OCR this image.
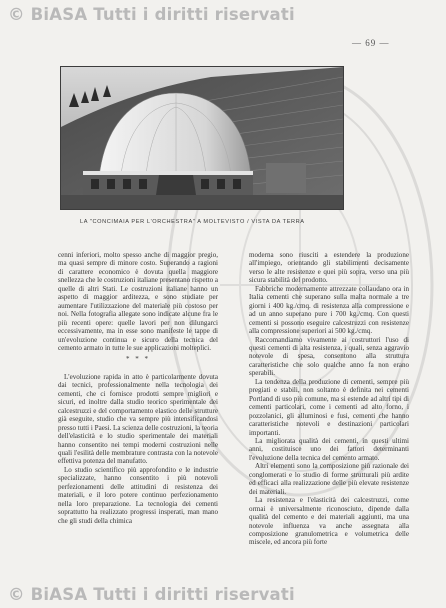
© BiASA Tutti i diritti riservati
— 69 —
LA "CONCIMAIA PER L'ORCHESTRA" A MOLTEVISTO / VISTA DA TERRA

cenni inferiori, molto spesso anche di maggior pregio, ma quasi sempre di minore costo. Superando a ragioni di carattere economico è dovuta quella maggiore snellezza che le costruzioni italiane presentano rispetto a quelle di altri Stati. Le costruzioni italiane hanno un aspetto di maggior arditezza, e sono studiate per aumentare l'utilizzazione del materiale più costoso per noi. Nella fotografia allegate sono indicate alcune fra le più recenti opere: quelle lavori per non dilungarci eccessivamente, ma in esse sono manifeste le tappe di un'evoluzione continua e sicuro della tecnica del cemento armato in tutte le sue applicazioni molteplici.

* * *

L'evoluzione rapida in atto è particolarmente dovuta dai tecnici, professionalmente nella tecnologia dei cementi, che ci fornisce prodotti sempre migliori e sicuri, ed inoltre dalla studio teorico sperimentale dei calcestruzzi e del comportamento elastico delle strutture già eseguite, studio che va sempre più intensificandosi presso tutti i Paesi. La scienza delle costruzioni, la teoria dell'elasticità e lo studio sperimentale dei materiali hanno consentito nei tempi moderni costruzioni nelle quali l'esilità delle membrature contrasta con la notevole effettiva potenza del manufatto.

Lo studio scientifico più approfondito e le industrie specializzate, hanno consentito i più notevoli perfezionamenti delle attitudini di resistenza dei materiali, e il loro potere continuo perfezionamento nella loro preparazione. La tecnologia dei cementi soprattutto ha realizzato progressi insperati, man mano che gli studi della chimica

moderna sono riusciti a estendere la produzione all'impiego, orientando gli stabilimenti decisamente verso le alte resistenze e quei più sopra, verso una più sicura stabilità del prodotto.

Fabbriche modernamente attrezzate collaudano ora in Italia cementi che superano sulla malta normale a tre giorni i 400 kg./cmq. di resistenza alla compressione e ad un anno superano pure i 700 kg./cmq. Con questi cementi si possono eseguire calcestruzzi con resistenze alla compressione superiori ai 500 kg./cmq.

Raccomandiamo vivamente ai costruttori l'uso di questi cementi di alta resistenza, i quali, senza aggravio notevole di spesa, consentono alla struttura caratteristiche che solo qualche anno fa non erano sperabili.

La tendenza della produzione di cementi, sempre più pregiati e stabili, non soltanto è definita nei cementi Portland di uso più comune, ma si estende ad altri tipi di cementi particolari, come i cementi ad alto forno, i pozzolanici, gli alluminosi e fusi, cementi che hanno caratteristiche notevoli e destinazioni particolari importanti.

La migliorata qualità dei cementi, in questi ultimi anni, costituisce uno dei fattori determinanti l'evoluzione della tecnica del cemento armato.

Altri elementi sono la composizione più razionale dei conglomerati e lo studio di forme strutturali più ardite ed efficaci alla realizzazione delle più elevate resistenze dei materiali.

La resistenza e l'elasticità dei calcestruzzi, come ormai è universalmente riconosciuto, dipende dalla qualità del cemento e dei materiali aggiunti, ma una notevole influenza va anche assegnata alla composizione granulometrica e volumetrica delle miscele, ed ancora più forte

© BiASA Tutti i diritti riservati
